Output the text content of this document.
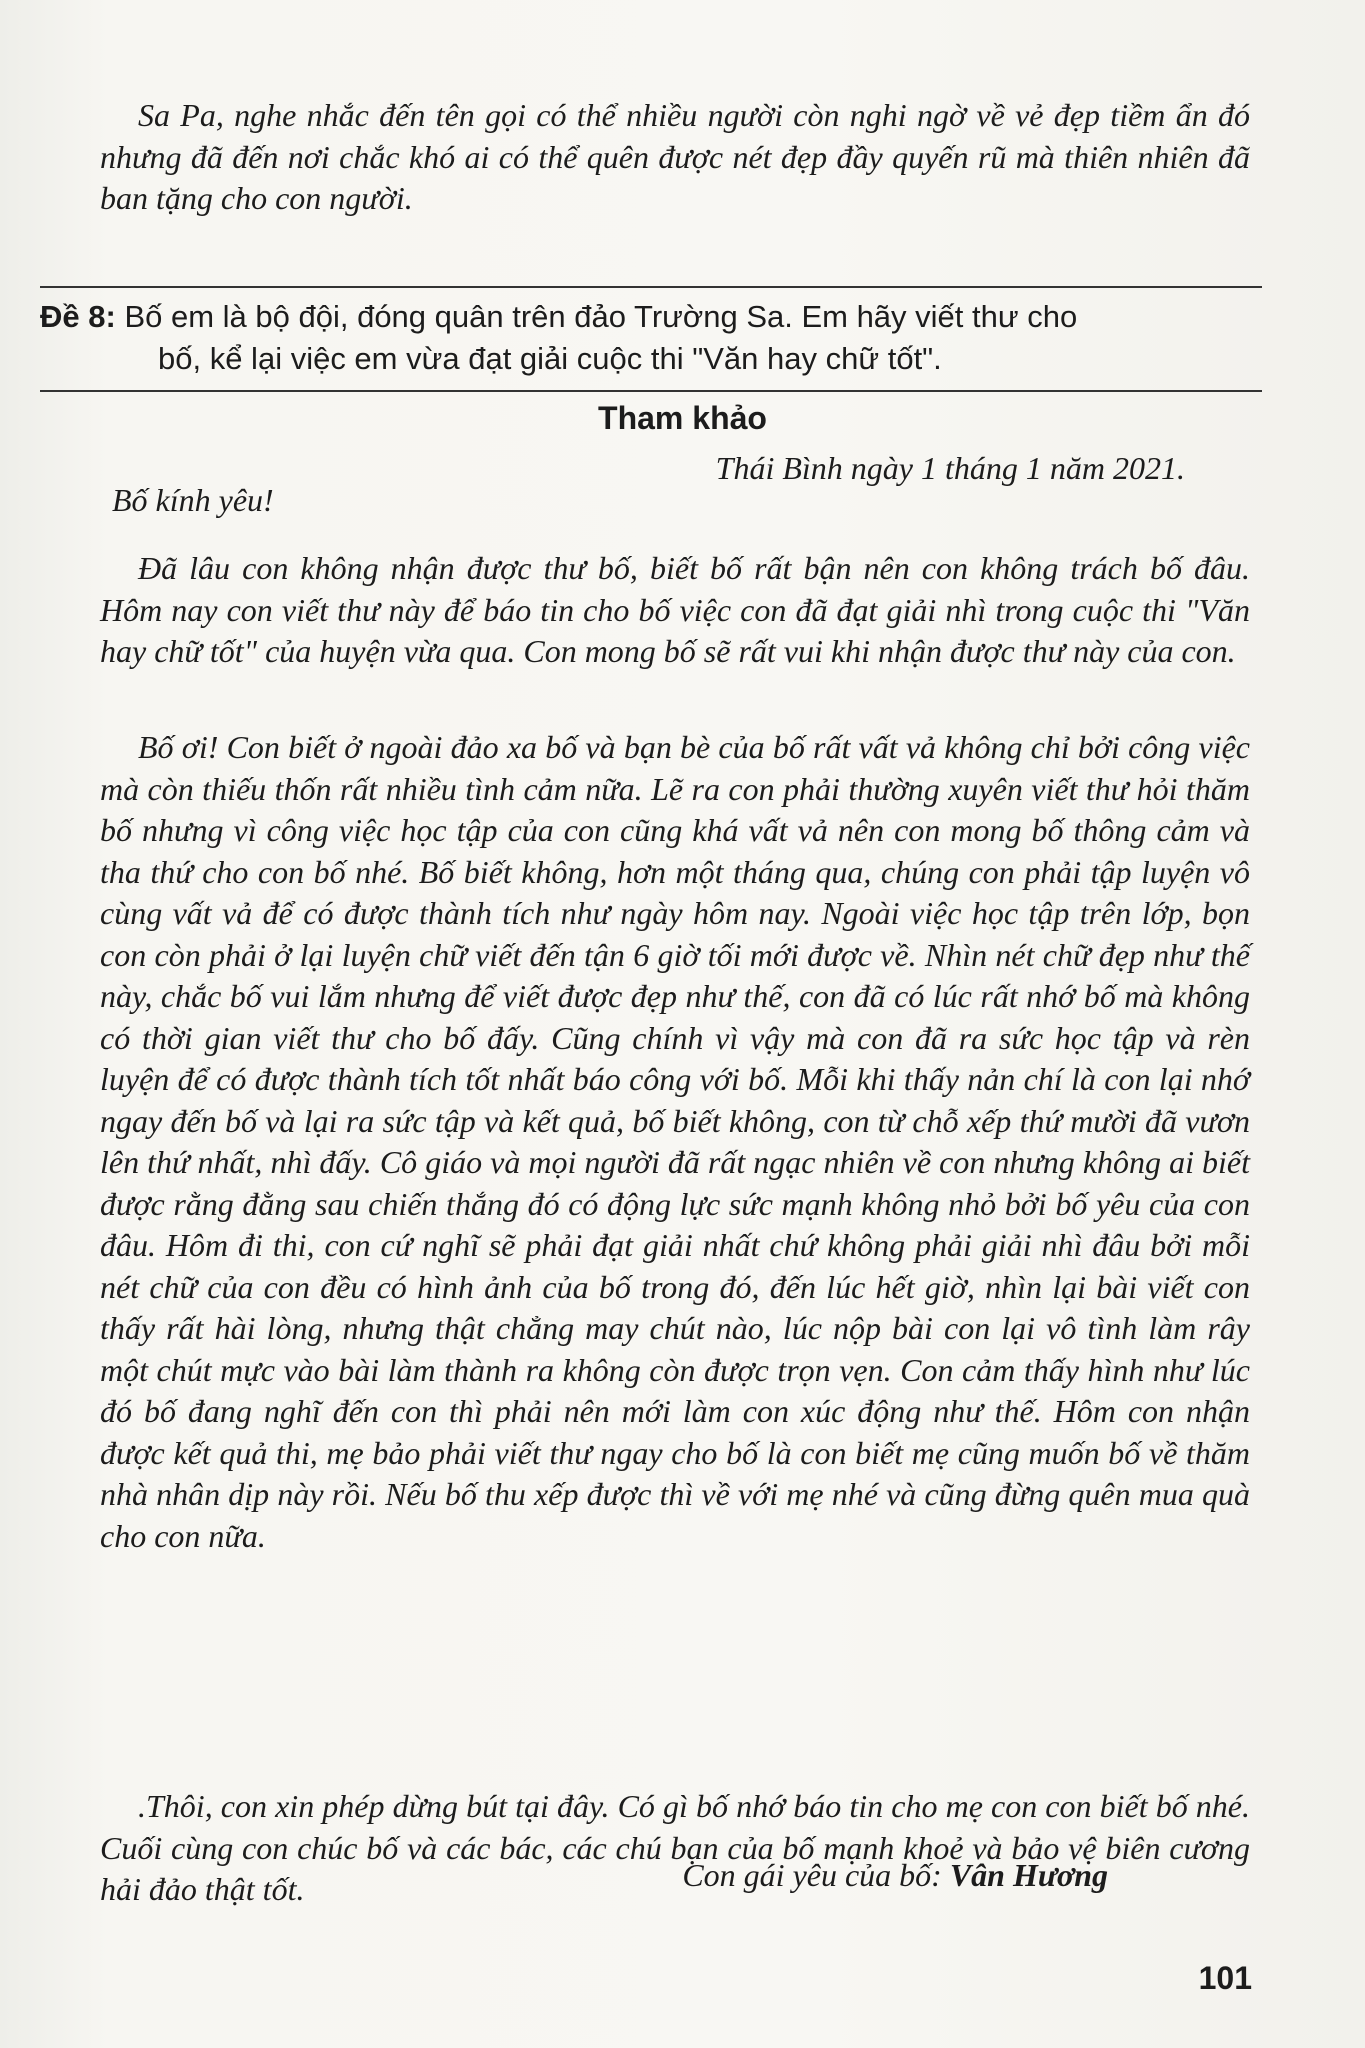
Sa Pa, nghe nhắc đến tên gọi có thể nhiều người còn nghi ngờ về vẻ đẹp tiềm ẩn đó nhưng đã đến nơi chắc khó ai có thể quên được nét đẹp đầy quyến rũ mà thiên nhiên đã ban tặng cho con người.

Đề 8: Bố em là bộ đội, đóng quân trên đảo Trường Sa. Em hãy viết thư cho
bố, kể lại việc em vừa đạt giải cuộc thi "Văn hay chữ tốt".
Tham khảo
Thái Bình ngày 1 tháng 1 năm 2021.
Bố kính yêu!

Đã lâu con không nhận được thư bố, biết bố rất bận nên con không trách bố đâu. Hôm nay con viết thư này để báo tin cho bố việc con đã đạt giải nhì trong cuộc thi "Văn hay chữ tốt" của huyện vừa qua. Con mong bố sẽ rất vui khi nhận được thư này của con.

Bố ơi! Con biết ở ngoài đảo xa bố và bạn bè của bố rất vất vả không chỉ bởi công việc mà còn thiếu thốn rất nhiều tình cảm nữa. Lẽ ra con phải thường xuyên viết thư hỏi thăm bố nhưng vì công việc học tập của con cũng khá vất vả nên con mong bố thông cảm và tha thứ cho con bố nhé. Bố biết không, hơn một tháng qua, chúng con phải tập luyện vô cùng vất vả để có được thành tích như ngày hôm nay. Ngoài việc học tập trên lớp, bọn con còn phải ở lại luyện chữ viết đến tận 6 giờ tối mới được về. Nhìn nét chữ đẹp như thế này, chắc bố vui lắm nhưng để viết được đẹp như thế, con đã có lúc rất nhớ bố mà không có thời gian viết thư cho bố đấy. Cũng chính vì vậy mà con đã ra sức học tập và rèn luyện để có được thành tích tốt nhất báo công với bố. Mỗi khi thấy nản chí là con lại nhớ ngay đến bố và lại ra sức tập và kết quả, bố biết không, con từ chỗ xếp thứ mười đã vươn lên thứ nhất, nhì đấy. Cô giáo và mọi người đã rất ngạc nhiên về con nhưng không ai biết được rằng đằng sau chiến thắng đó có động lực sức mạnh không nhỏ bởi bố yêu của con đâu. Hôm đi thi, con cứ nghĩ sẽ phải đạt giải nhất chứ không phải giải nhì đâu bởi mỗi nét chữ của con đều có hình ảnh của bố trong đó, đến lúc hết giờ, nhìn lại bài viết con thấy rất hài lòng, nhưng thật chẳng may chút nào, lúc nộp bài con lại vô tình làm rây một chút mực vào bài làm thành ra không còn được trọn vẹn. Con cảm thấy hình như lúc đó bố đang nghĩ đến con thì phải nên mới làm con xúc động như thế. Hôm con nhận được kết quả thi, mẹ bảo phải viết thư ngay cho bố là con biết mẹ cũng muốn bố về thăm nhà nhân dịp này rồi. Nếu bố thu xếp được thì về với mẹ nhé và cũng đừng quên mua quà cho con nữa.

.Thôi, con xin phép dừng bút tại đây. Có gì bố nhớ báo tin cho mẹ con con biết bố nhé. Cuối cùng con chúc bố và các bác, các chú bạn của bố mạnh khoẻ và bảo vệ biên cương hải đảo thật tốt.	Con gái yêu của bố: Vân Hương
101
